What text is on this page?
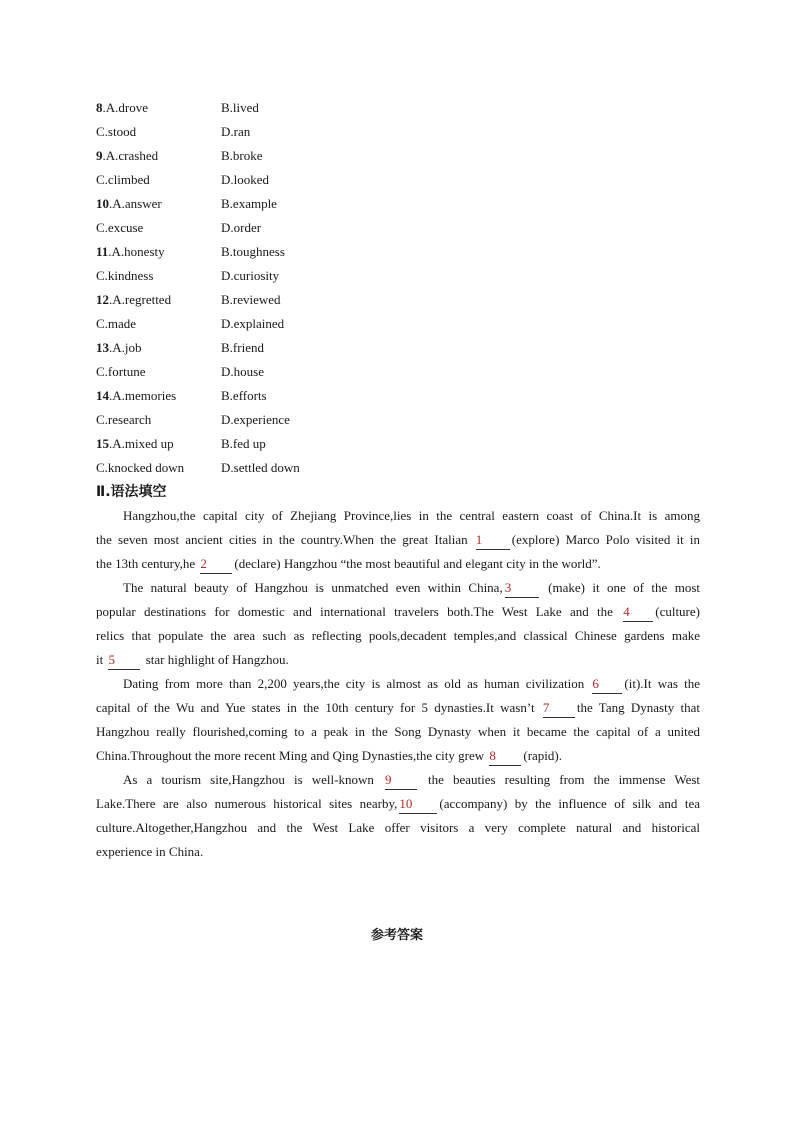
8.A.drove	B.lived
C.stood	D.ran
9.A.crashed	B.broke
C.climbed	D.looked
10.A.answer	B.example
C.excuse	D.order
11.A.honesty	B.toughness
C.kindness	D.curiosity
12.A.regretted	B.reviewed
C.made	D.explained
13.A.job	B.friend
C.fortune	D.house
14.A.memories	B.efforts
C.research	D.experience
15.A.mixed up	B.fed up
C.knocked down	D.settled down
Ⅱ.语法填空
Hangzhou,the capital city of Zhejiang Province,lies in the central eastern coast of China.It is among
the seven most ancient cities in the country.When the great Italian 1 (explore) Marco Polo visited it in
the 13th century,he 2 (declare) Hangzhou “the most beautiful and elegant city in the world”.
The natural beauty of Hangzhou is unmatched even within China, 3	(make) it one of the most
popular destinations for domestic and international travelers both.The West Lake and the 4 (culture)
relics that populate the area such as reflecting pools,decadent temples,and classical Chinese gardens make
it 5 star highlight of Hangzhou.
Dating from more than 2,200 years,the city is almost as old as human civilization 6 (it).It was the
capital of the Wu and Yue states in the 10th century for 5 dynasties.It wasn’t 7 the Tang Dynasty that
Hangzhou really flourished,coming to a peak in the Song Dynasty when it became the capital of a united
China.Throughout the more recent Ming and Qing Dynasties,the city grew 8 (rapid).
As a tourism site,Hangzhou is well-known 9	the beauties resulting from the immense West
Lake.There are also numerous historical sites nearby, 10 (accompany) by the influence of silk and tea
culture.Altogether,Hangzhou and the West Lake offer visitors a very complete natural and historical
experience in China.
参考答案
